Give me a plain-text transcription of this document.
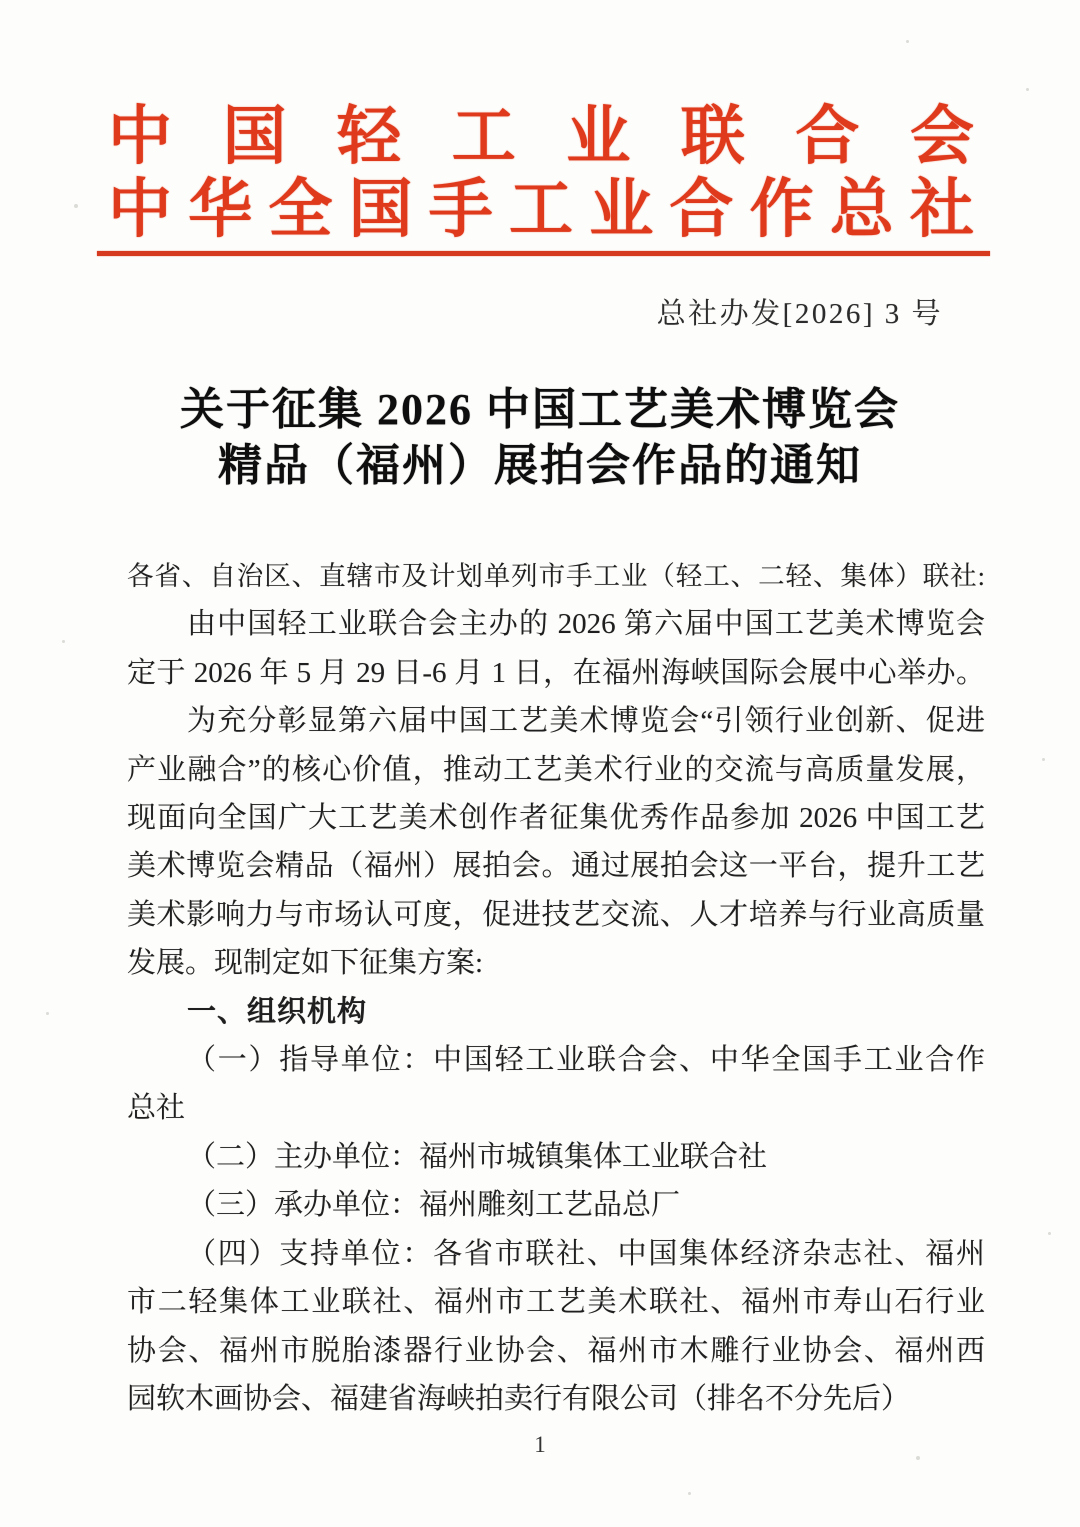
中国轻工业联合会
中华全国手工业合作总社
总社办发[2026] 3 号
关于征集 2026 中国工艺美术博览会
精品（福州）展拍会作品的通知
各省、自治区、直辖市及计划单列市手工业（轻工、二轻、集体）联社:
由中国轻工业联合会主办的 2026 第六届中国工艺美术博览会
定于 2026 年 5 月 29 日-6 月 1 日，在福州海峡国际会展中心举办。
为充分彰显第六届中国工艺美术博览会“引领行业创新、促进
产业融合”的核心价值，推动工艺美术行业的交流与高质量发展，
现面向全国广大工艺美术创作者征集优秀作品参加 2026 中国工艺
美术博览会精品（福州）展拍会。通过展拍会这一平台，提升工艺
美术影响力与市场认可度，促进技艺交流、人才培养与行业高质量
发展。现制定如下征集方案:
一、组织机构
（一）指导单位：中国轻工业联合会、中华全国手工业合作
总社
（二）主办单位：福州市城镇集体工业联合社
（三）承办单位：福州雕刻工艺品总厂
（四）支持单位：各省市联社、中国集体经济杂志社、福州
市二轻集体工业联社、福州市工艺美术联社、福州市寿山石行业
协会、福州市脱胎漆器行业协会、福州市木雕行业协会、福州西
园软木画协会、福建省海峡拍卖行有限公司（排名不分先后）
1
